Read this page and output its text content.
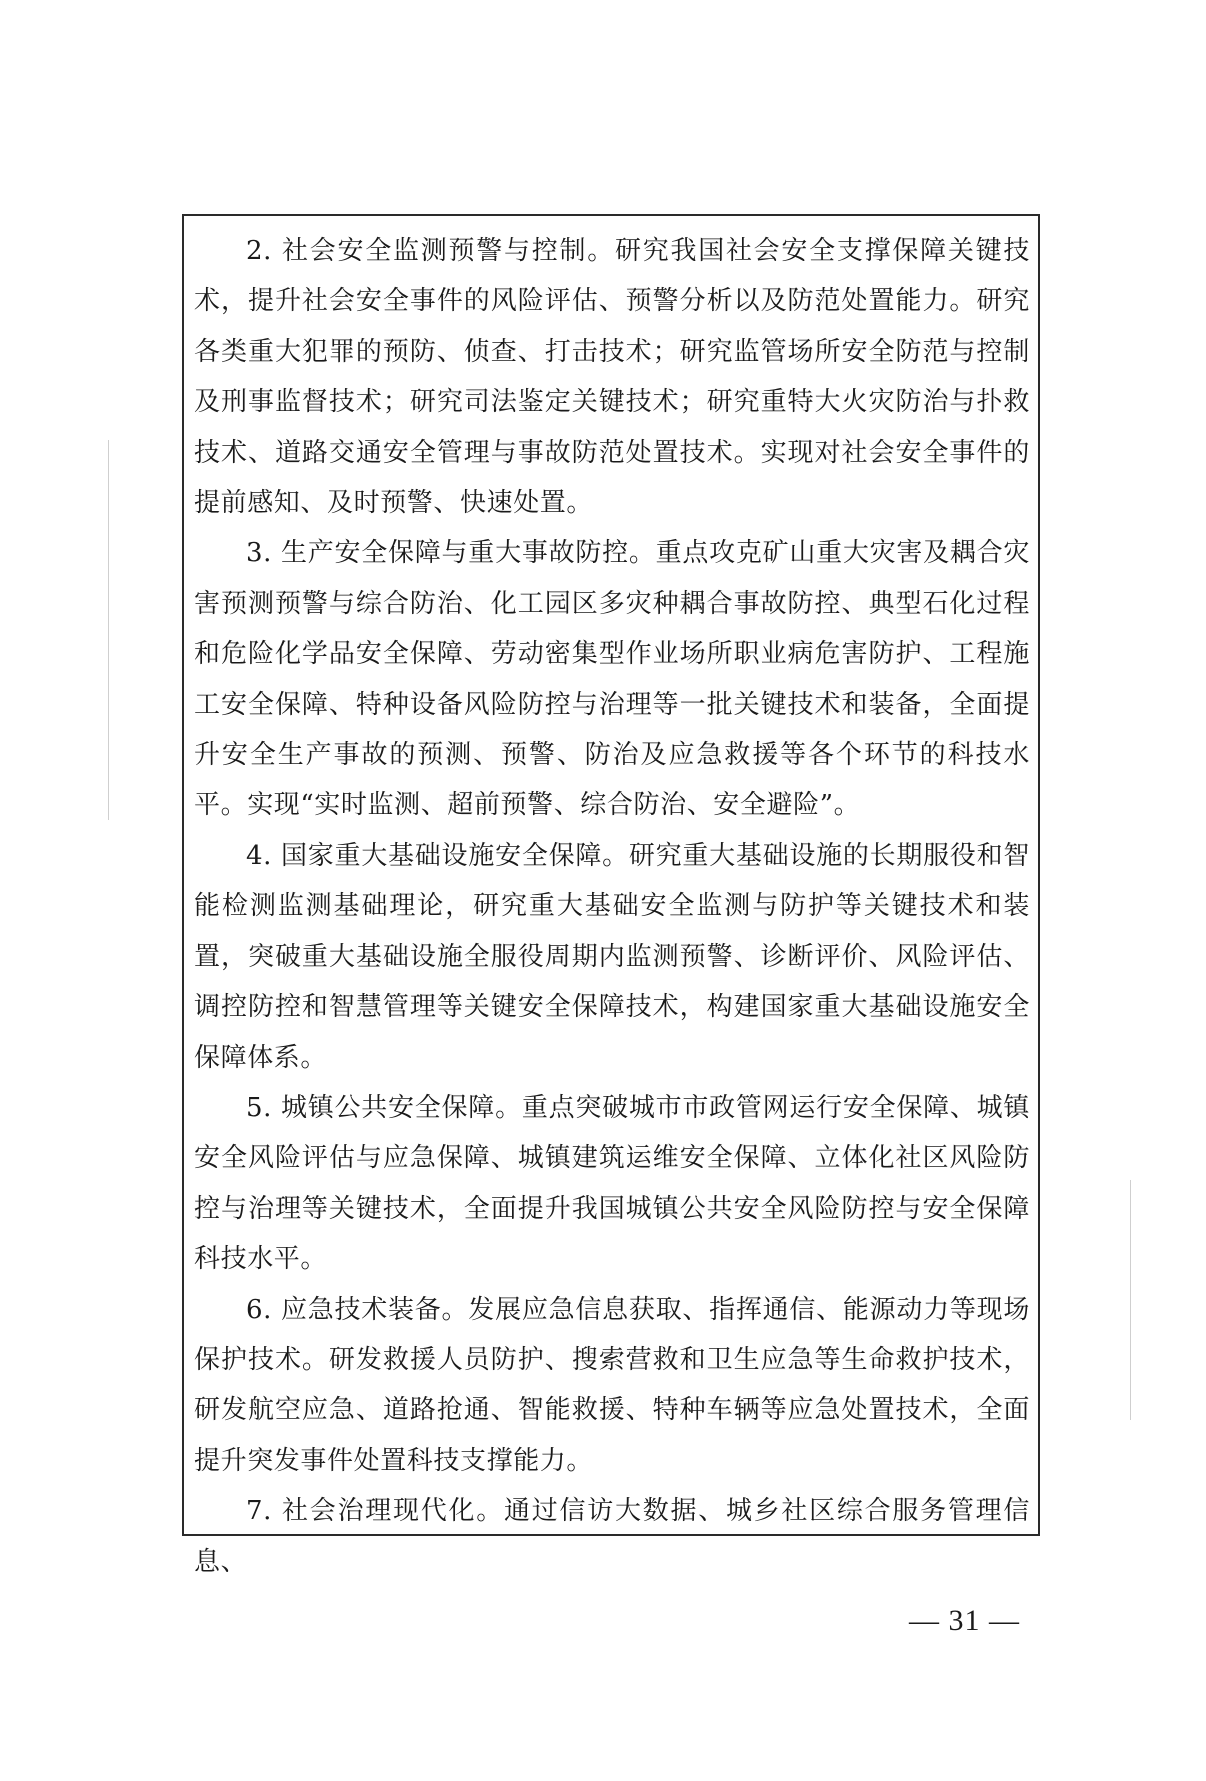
2. 社会安全监测预警与控制。研究我国社会安全支撑保障关键技术，提升社会安全事件的风险评估、预警分析以及防范处置能力。研究各类重大犯罪的预防、侦查、打击技术；研究监管场所安全防范与控制及刑事监督技术；研究司法鉴定关键技术；研究重特大火灾防治与扑救技术、道路交通安全管理与事故防范处置技术。实现对社会安全事件的提前感知、及时预警、快速处置。

3. 生产安全保障与重大事故防控。重点攻克矿山重大灾害及耦合灾害预测预警与综合防治、化工园区多灾种耦合事故防控、典型石化过程和危险化学品安全保障、劳动密集型作业场所职业病危害防护、工程施工安全保障、特种设备风险防控与治理等一批关键技术和装备，全面提升安全生产事故的预测、预警、防治及应急救援等各个环节的科技水平。实现“实时监测、超前预警、综合防治、安全避险”。

4. 国家重大基础设施安全保障。研究重大基础设施的长期服役和智能检测监测基础理论，研究重大基础安全监测与防护等关键技术和装置，突破重大基础设施全服役周期内监测预警、诊断评价、风险评估、调控防控和智慧管理等关键安全保障技术，构建国家重大基础设施安全保障体系。

5. 城镇公共安全保障。重点突破城市市政管网运行安全保障、城镇安全风险评估与应急保障、城镇建筑运维安全保障、立体化社区风险防控与治理等关键技术，全面提升我国城镇公共安全风险防控与安全保障科技水平。

6. 应急技术装备。发展应急信息获取、指挥通信、能源动力等现场保护技术。研发救援人员防护、搜索营救和卫生应急等生命救护技术，研发航空应急、道路抢通、智能救援、特种车辆等应急处置技术，全面提升突发事件处置科技支撑能力。

7. 社会治理现代化。通过信访大数据、城乡社区综合服务管理信息、

— 31 —
